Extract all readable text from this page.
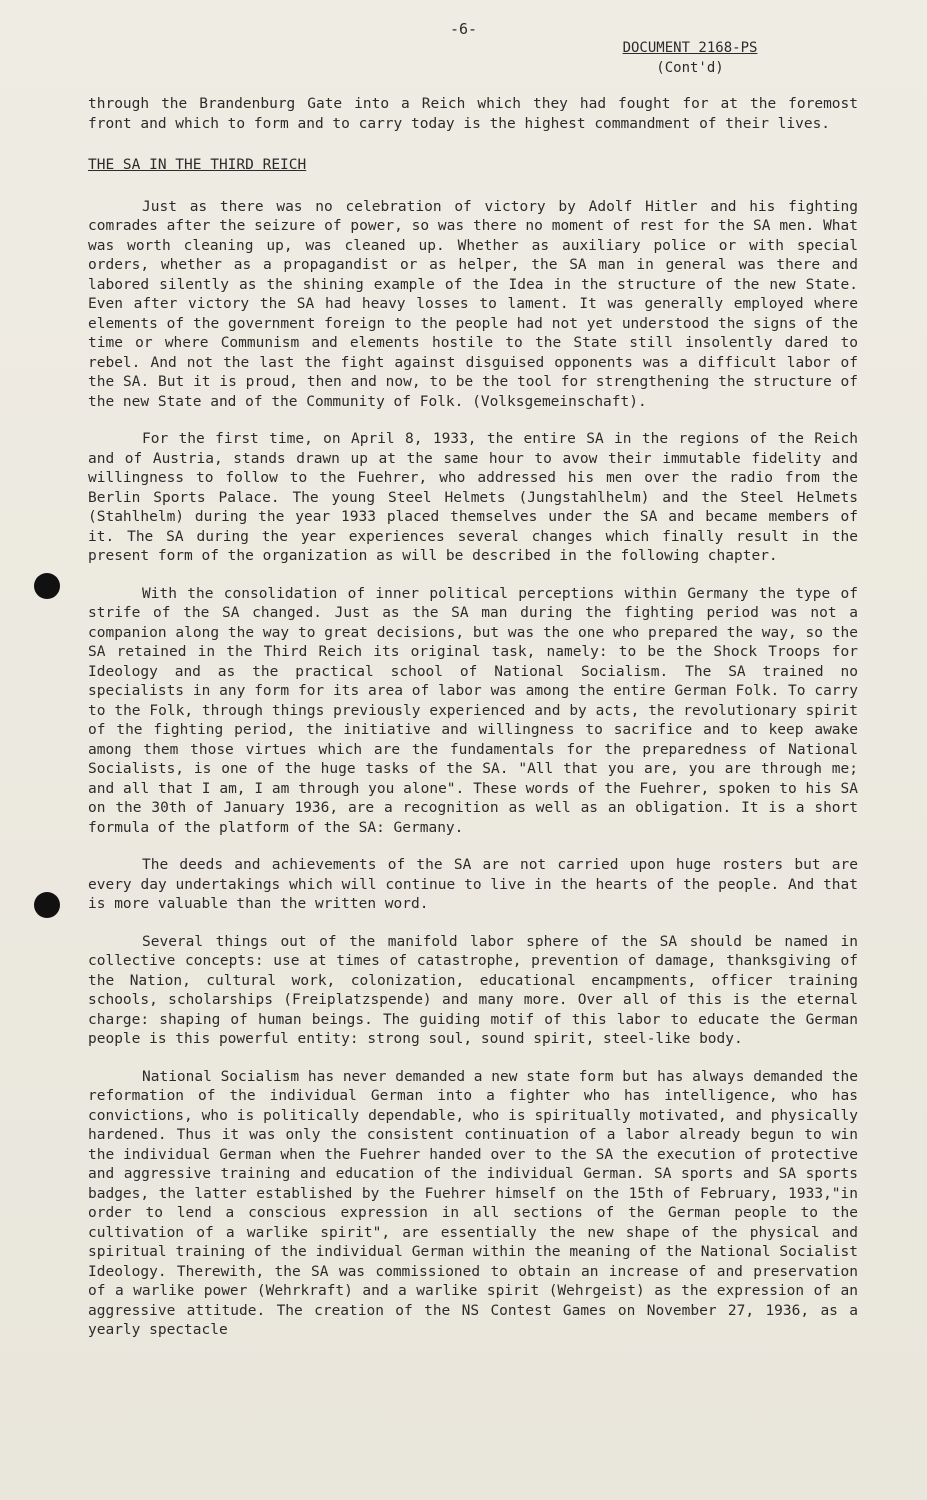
-6-
DOCUMENT 2168-PS
(Cont'd)

through the Brandenburg Gate into a Reich which they had fought for at the foremost front and which to form and to carry today is the highest commandment of their lives.

THE SA IN THE THIRD REICH

Just as there was no celebration of victory by Adolf Hitler and his fighting comrades after the seizure of power, so was there no moment of rest for the SA men. What was worth cleaning up, was cleaned up. Whether as auxiliary police or with special orders, whether as a propagandist or as helper, the SA man in general was there and labored silently as the shining example of the Idea in the structure of the new State. Even after victory the SA had heavy losses to lament. It was generally employed where elements of the government foreign to the people had not yet understood the signs of the time or where Communism and elements hostile to the State still insolently dared to rebel. And not the last the fight against disguised opponents was a difficult labor of the SA. But it is proud, then and now, to be the tool for strengthening the structure of the new State and of the Community of Folk. (Volksgemeinschaft).

For the first time, on April 8, 1933, the entire SA in the regions of the Reich and of Austria, stands drawn up at the same hour to avow their immutable fidelity and willingness to follow to the Fuehrer, who addressed his men over the radio from the Berlin Sports Palace. The young Steel Helmets (Jungstahlhelm) and the Steel Helmets (Stahlhelm) during the year 1933 placed themselves under the SA and became members of it. The SA during the year experiences several changes which finally result in the present form of the organization as will be described in the following chapter.

With the consolidation of inner political perceptions within Germany the type of strife of the SA changed. Just as the SA man during the fighting period was not a companion along the way to great decisions, but was the one who prepared the way, so the SA retained in the Third Reich its original task, namely: to be the Shock Troops for Ideology and as the practical school of National Socialism. The SA trained no specialists in any form for its area of labor was among the entire German Folk. To carry to the Folk, through things previously experienced and by acts, the revolutionary spirit of the fighting period, the initiative and willingness to sacrifice and to keep awake among them those virtues which are the fundamentals for the preparedness of National Socialists, is one of the huge tasks of the SA. "All that you are, you are through me; and all that I am, I am through you alone". These words of the Fuehrer, spoken to his SA on the 30th of January 1936, are a recognition as well as an obligation. It is a short formula of the platform of the SA: Germany.

The deeds and achievements of the SA are not carried upon huge rosters but are every day undertakings which will continue to live in the hearts of the people. And that is more valuable than the written word.

Several things out of the manifold labor sphere of the SA should be named in collective concepts: use at times of catastrophe, prevention of damage, thanksgiving of the Nation, cultural work, colonization, educational encampments, officer training schools, scholarships (Freiplatzspende) and many more. Over all of this is the eternal charge: shaping of human beings. The guiding motif of this labor to educate the German people is this powerful entity: strong soul, sound spirit, steel-like body.

National Socialism has never demanded a new state form but has always demanded the reformation of the individual German into a fighter who has intelligence, who has convictions, who is politically dependable, who is spiritually motivated, and physically hardened. Thus it was only the consistent continuation of a labor already begun to win the individual German when the Fuehrer handed over to the SA the execution of protective and aggressive training and education of the individual German. SA sports and SA sports badges, the latter established by the Fuehrer himself on the 15th of February, 1933,"in order to lend a conscious expression in all sections of the German people to the cultivation of a warlike spirit", are essentially the new shape of the physical and spiritual training of the individual German within the meaning of the National Socialist Ideology. Therewith, the SA was commissioned to obtain an increase of and preservation of a warlike power (Wehrkraft) and a warlike spirit (Wehrgeist) as the expression of an aggressive attitude. The creation of the NS Contest Games on November 27, 1936, as a yearly spectacle
